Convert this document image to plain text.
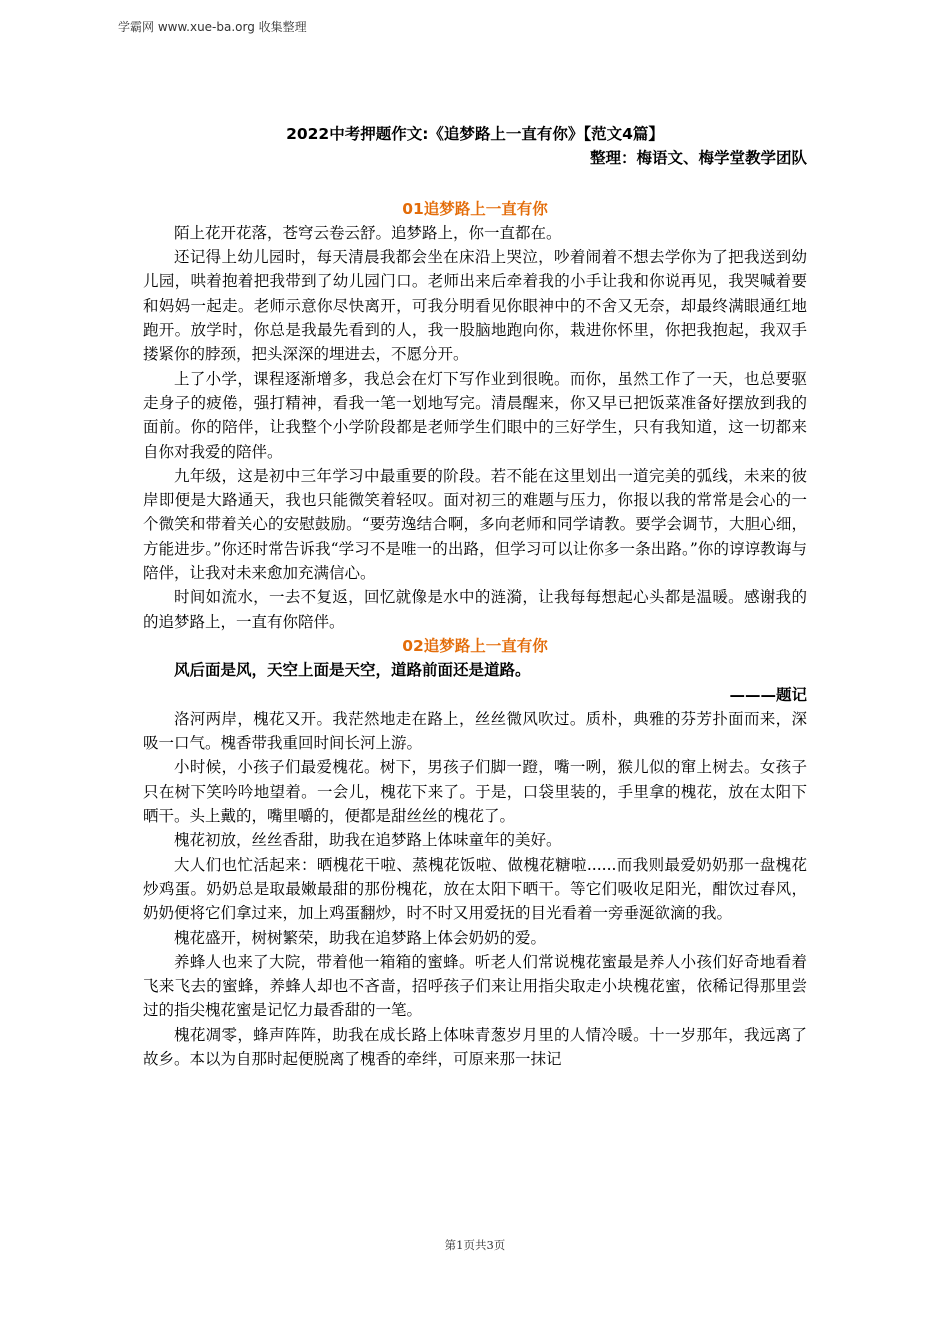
学霸网 www.xue-ba.org 收集整理
2022中考押题作文:《追梦路上一直有你》【范文4篇】
整理：梅语文、梅学堂教学团队
01追梦路上一直有你

陌上花开花落，苍穹云卷云舒。追梦路上，你一直都在。

还记得上幼儿园时，每天清晨我都会坐在床沿上哭泣，吵着闹着不想去学你为了把我送到幼儿园，哄着抱着把我带到了幼儿园门口。老师出来后牵着我的小手让我和你说再见，我哭喊着要和妈妈一起走。老师示意你尽快离开，可我分明看见你眼神中的不舍又无奈，却最终满眼通红地跑开。放学时，你总是我最先看到的人，我一股脑地跑向你，栽进你怀里，你把我抱起，我双手搂紧你的脖颈，把头深深的埋进去，不愿分开。

上了小学，课程逐渐增多，我总会在灯下写作业到很晚。而你，虽然工作了一天，也总要驱走身子的疲倦，强打精神，看我一笔一划地写完。清晨醒来，你又早已把饭菜准备好摆放到我的面前。你的陪伴，让我整个小学阶段都是老师学生们眼中的三好学生，只有我知道，这一切都来自你对我爱的陪伴。

九年级，这是初中三年学习中最重要的阶段。若不能在这里划出一道完美的弧线，未来的彼岸即便是大路通天，我也只能微笑着轻叹。面对初三的难题与压力，你报以我的常常是会心的一个微笑和带着关心的安慰鼓励。“要劳逸结合啊，多向老师和同学请教。要学会调节，大胆心细，方能进步。”你还时常告诉我“学习不是唯一的出路，但学习可以让你多一条出路。”你的谆谆教诲与陪伴，让我对未来愈加充满信心。

时间如流水，一去不复返，回忆就像是水中的涟漪，让我每每想起心头都是温暖。感谢我的的追梦路上，一直有你陪伴。

02追梦路上一直有你

风后面是风，天空上面是天空，道路前面还是道路。

———题记

洛河两岸，槐花又开。我茫然地走在路上，丝丝微风吹过。质朴，典雅的芬芳扑面而来，深吸一口气。槐香带我重回时间长河上游。

小时候，小孩子们最爱槐花。树下，男孩子们脚一蹬，嘴一咧，猴儿似的窜上树去。女孩子只在树下笑吟吟地望着。一会儿，槐花下来了。于是，口袋里装的，手里拿的槐花，放在太阳下晒干。头上戴的，嘴里嚼的，便都是甜丝丝的槐花了。

槐花初放，丝丝香甜，助我在追梦路上体味童年的美好。

大人们也忙活起来：晒槐花干啦、蒸槐花饭啦、做槐花糖啦......而我则最爱奶奶那一盘槐花炒鸡蛋。奶奶总是取最嫩最甜的那份槐花，放在太阳下晒干。等它们吸收足阳光，酣饮过春风，奶奶便将它们拿过来，加上鸡蛋翻炒，时不时又用爱抚的目光看着一旁垂涎欲滴的我。

槐花盛开，树树繁荣，助我在追梦路上体会奶奶的爱。

养蜂人也来了大院，带着他一箱箱的蜜蜂。听老人们常说槐花蜜最是养人小孩们好奇地看着飞来飞去的蜜蜂，养蜂人却也不吝啬，招呼孩子们来让用指尖取走小块槐花蜜，依稀记得那里尝过的指尖槐花蜜是记忆力最香甜的一笔。

槐花凋零，蜂声阵阵，助我在成长路上体味青葱岁月里的人情冷暖。十一岁那年，我远离了故乡。本以为自那时起便脱离了槐香的牵绊，可原来那一抹记

第1页共3页
